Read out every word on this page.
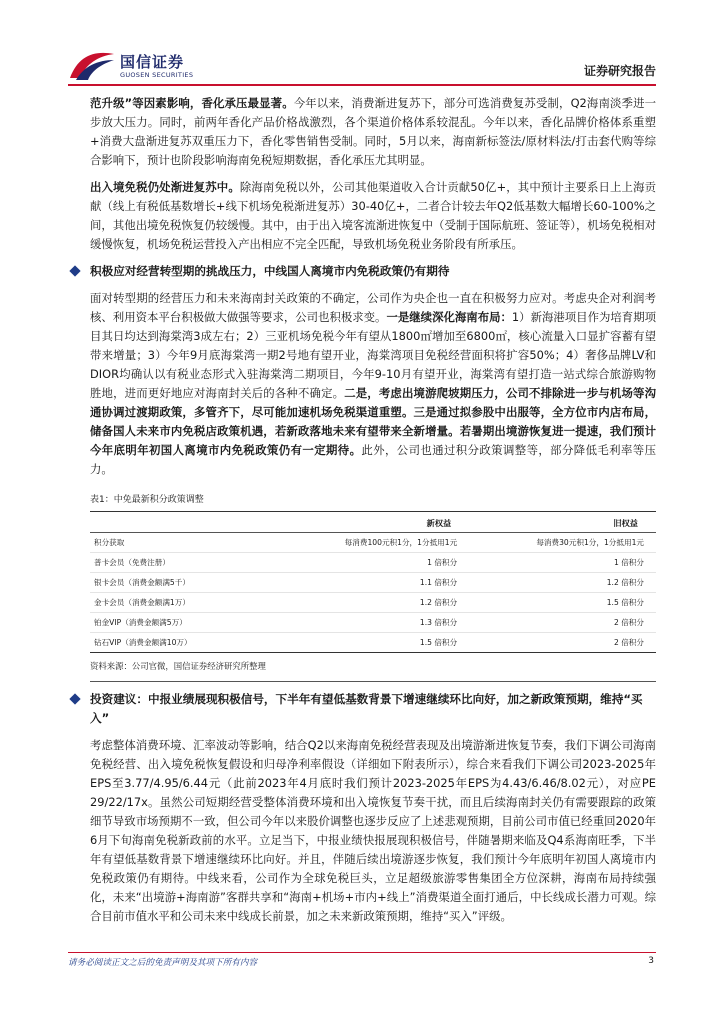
国信证券
GUOSEN SECURITIES	证券研究报告

范升级”等因素影响，香化承压最显著。今年以来，消费渐进复苏下，部分可选消费复苏受制，Q2海南淡季进一步放大压力。同时，前两年香化产品价格战激烈，各个渠道价格体系较混乱。今年以来，香化品牌价格体系重塑+消费大盘渐进复苏双重压力下，香化零售销售受制。同时，5月以来，海南新标签法/原材料法/打击套代购等综合影响下，预计也阶段影响海南免税短期数据，香化承压尤其明显。

出入境免税仍处渐进复苏中。除海南免税以外，公司其他渠道收入合计贡献50亿+，其中预计主要系日上上海贡献（线上有税低基数增长+线下机场免税渐进复苏）30-40亿+，二者合计较去年Q2低基数大幅增长60-100%之间，其他出境免税恢复仍较缓慢。其中，由于出入境客流渐进恢复中（受制于国际航班、签证等），机场免税相对缓慢恢复，机场免税运营投入产出相应不完全匹配，导致机场免税业务阶段有所承压。

积极应对经营转型期的挑战压力，中线国人离境市内免税政策仍有期待

面对转型期的经营压力和未来海南封关政策的不确定，公司作为央企也一直在积极努力应对。考虑央企对利润考核、利用资本平台积极做大做强等要求，公司也积极求变。一是继续深化海南布局：1）新海港项目作为培育期项目其日均达到海棠湾3成左右；2）三亚机场免税今年有望从1800㎡增加至6800㎡，核心流量入口显扩容蓄有望带来增量；3）今年9月底海棠湾一期2号地有望开业，海棠湾项目免税经营面积将扩容50%；4）奢侈品牌LV和DIOR均确认以有税业态形式入驻海棠湾二期项目，今年9-10月有望开业，海棠湾有望打造一站式综合旅游购物胜地，进而更好地应对海南封关后的各种不确定。二是，考虑出境游爬坡期压力，公司不排除进一步与机场等沟通协调过渡期政策，多管齐下，尽可能加速机场免税渠道重塑。三是通过拟参股中出服等，全方位市内店布局，储备国人未来市内免税店政策机遇，若新政落地未来有望带来全新增量。若暑期出境游恢复进一提速，我们预计今年底明年初国人离境市内免税政策仍有一定期待。此外，公司也通过积分政策调整等，部分降低毛利率等压力。

表1：中免最新积分政策调整
	新权益	旧权益
积分获取	每消费100元积1分，1分抵用1元	每消费30元积1分，1分抵用1元
普卡会员（免费注册）	1 倍积分	1 倍积分
银卡会员（消费金额满5千）	1.1 倍积分	1.2 倍积分
金卡会员（消费金额满1万）	1.2 倍积分	1.5 倍积分
铂金VIP（消费金额满5万）	1.3 倍积分	2 倍积分
钻石VIP（消费金额满10万）	1.5 倍积分	2 倍积分
资料来源：公司官微，国信证券经济研究所整理

投资建议：中报业绩展现积极信号，下半年有望低基数背景下增速继续环比向好，加之新政策预期，维持“买入”

考虑整体消费环境、汇率波动等影响，结合Q2以来海南免税经营表现及出境游渐进恢复节奏，我们下调公司海南免税经营、出入境免税恢复假设和归母净利率假设（详细如下附表所示），综合来看我们下调公司2023-2025年EPS至3.77/4.95/6.44元（此前2023年4月底时我们预计2023-2025年EPS为4.43/6.46/8.02元），对应PE 29/22/17x。虽然公司短期经营受整体消费环境和出入境恢复节奏干扰，而且后续海南封关仍有需要跟踪的政策细节导致市场预期不一致，但公司今年以来股价调整也逐步反应了上述悲观预期，目前公司市值已经重回2020年6月下旬海南免税新政前的水平。立足当下，中报业绩快报展现积极信号，伴随暑期来临及Q4系海南旺季，下半年有望低基数背景下增速继续环比向好。并且，伴随后续出境游逐步恢复，我们预计今年底明年初国人离境市内免税政策仍有期待。中线来看，公司作为全球免税巨头，立足超级旅游零售集团全方位深耕，海南布局持续强化，未来“出境游+海南游”客群共享和“海南+机场+市内+线上”消费渠道全面打通后，中长线成长潜力可观。综合目前市值水平和公司未来中线成长前景，加之未来新政策预期，维持“买入”评级。

请务必阅读正文之后的免责声明及其项下所有内容	3
